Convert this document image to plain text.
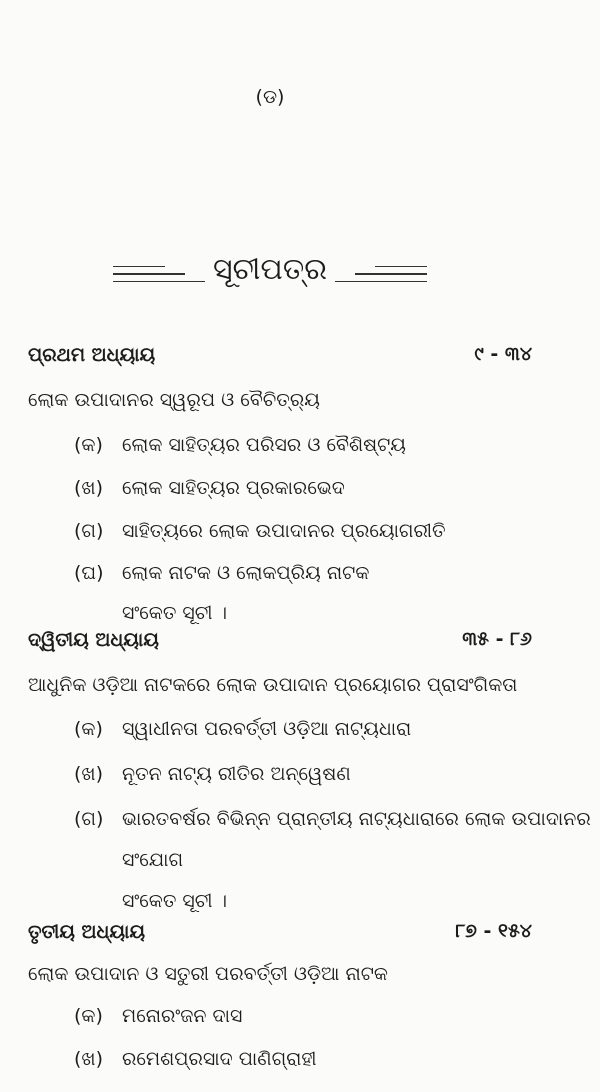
(ଡ)
ସୂଚୀପତ୍ର
ପ୍ରଥମ ଅଧ୍ୟାୟ	୯ - ୩୪
ଲୋକ ଉପାଦାନର ସ୍ୱରୂପ ଓ ବୈଚିତ୍ର୍ୟ
(କ) ଲୋକ ସାହିତ୍ୟର ପରିସର ଓ ବୈଶିଷ୍ଟ୍ୟ
(ଖ) ଲୋକ ସାହିତ୍ୟର ପ୍ରକାରଭେଦ
(ଗ) ସାହିତ୍ୟରେ ଲୋକ ଉପାଦାନର ପ୍ରୟୋଗରୀତି
(ଘ) ଲୋକ ନାଟକ ଓ ଲୋକପ୍ରିୟ ନାଟକ
ସଂକେତ ସୂଚୀ ।
ଦ୍ୱିତୀୟ ଅଧ୍ୟାୟ	୩୫ - ୮୬
ଆଧୁନିକ ଓଡ଼ିଆ ନାଟକରେ ଲୋକ ଉପାଦାନ ପ୍ରୟୋଗର ପ୍ରାସଂଗିକତା
(କ) ସ୍ୱାଧୀନତା ପରବର୍ତ୍ତୀ ଓଡ଼ିଆ ନାଟ୍ୟଧାରା
(ଖ) ନୂତନ ନାଟ୍ୟ ରୀତିର ଅନ୍ୱେଷଣ
(ଗ) ଭାରତବର୍ଷର ବିଭିନ୍ନ ପ୍ରାନ୍ତୀୟ ନାଟ୍ୟଧାରାରେ ଲୋକ ଉପାଦାନର
ସଂଯୋଗ
ସଂକେତ ସୂଚୀ ।
ତୃତୀୟ ଅଧ୍ୟାୟ	୮୭ - ୧୫୪
ଲୋକ ଉପାଦାନ ଓ ସତୁରୀ ପରବର୍ତ୍ତୀ ଓଡ଼ିଆ ନାଟକ
(କ) ମନୋରଂଜନ ଦାସ
(ଖ) ରମେଶପ୍ରସାଦ ପାଣିଗ୍ରାହୀ
